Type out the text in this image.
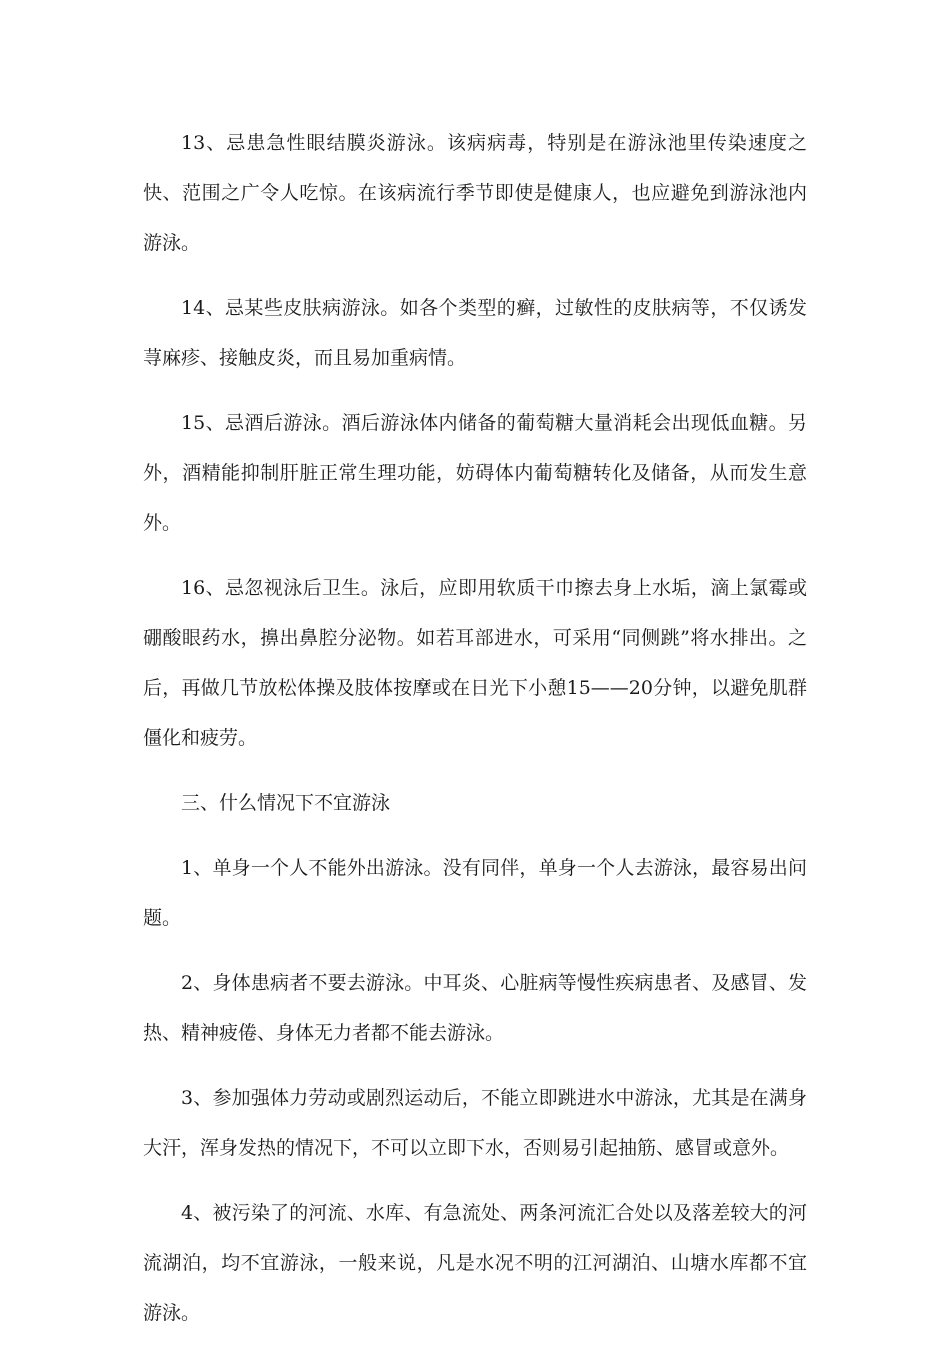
13、忌患急性眼结膜炎游泳。该病病毒，特别是在游泳池里传染速度之快、范围之广令人吃惊。在该病流行季节即使是健康人，也应避免到游泳池内游泳。

14、忌某些皮肤病游泳。如各个类型的癣，过敏性的皮肤病等，不仅诱发荨麻疹、接触皮炎，而且易加重病情。

15、忌酒后游泳。酒后游泳体内储备的葡萄糖大量消耗会出现低血糖。另外，酒精能抑制肝脏正常生理功能，妨碍体内葡萄糖转化及储备，从而发生意外。

16、忌忽视泳后卫生。泳后，应即用软质干巾擦去身上水垢，滴上氯霉或硼酸眼药水，擤出鼻腔分泌物。如若耳部进水，可采用“同侧跳”将水排出。之后，再做几节放松体操及肢体按摩或在日光下小憩15——20分钟，以避免肌群僵化和疲劳。

三、什么情况下不宜游泳

1、单身一个人不能外出游泳。没有同伴，单身一个人去游泳，最容易出问题。

2、身体患病者不要去游泳。中耳炎、心脏病等慢性疾病患者、及感冒、发热、精神疲倦、身体无力者都不能去游泳。

3、参加强体力劳动或剧烈运动后，不能立即跳进水中游泳，尤其是在满身大汗，浑身发热的情况下，不可以立即下水，否则易引起抽筋、感冒或意外。

4、被污染了的河流、水库、有急流处、两条河流汇合处以及落差较大的河流湖泊，均不宜游泳，一般来说，凡是水况不明的江河湖泊、山塘水库都不宜游泳。
